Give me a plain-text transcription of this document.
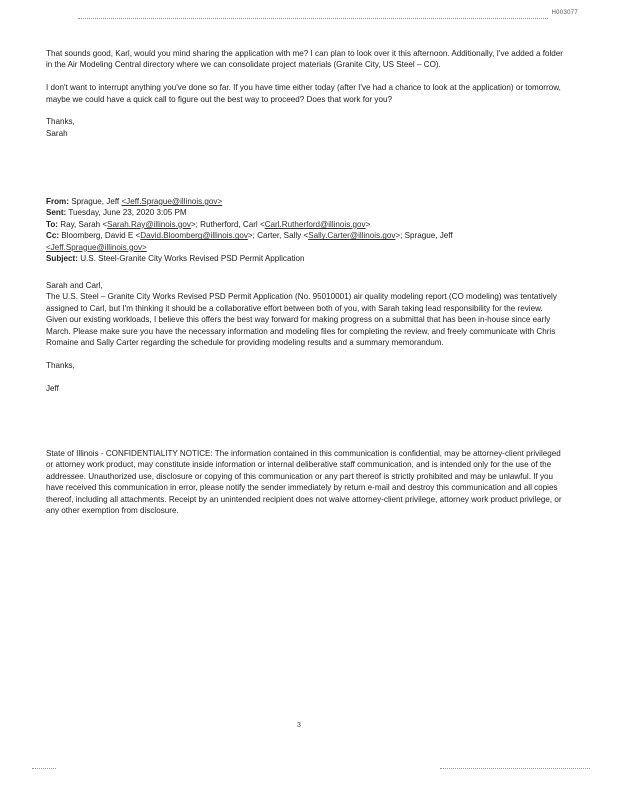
H003077

That sounds good, Karl, would you mind sharing the application with me? I can plan to look over it this afternoon. Additionally, I've added a folder in the Air Modeling Central directory where we can consolidate project materials (Granite City, US Steel – CO).

I don't want to interrupt anything you've done so far. If you have time either today (after I've had a chance to look at the application) or tomorrow, maybe we could have a quick call to figure out the best way to proceed? Does that work for you?

Thanks,

Sarah

From: Sprague, Jeff <Jeff.Sprague@illinois.gov>

Sent: Tuesday, June 23, 2020 3:05 PM

To: Ray, Sarah <Sarah.Ray@illinois.gov>; Rutherford, Carl <Carl.Rutherford@illinois.gov>

Cc: Bloomberg, David E <David.Bloomberg@illinois.gov>; Carter, Sally <Sally.Carter@illinois.gov>; Sprague, Jeff

<Jeff.Sprague@illinois.gov>

Subject: U.S. Steel-Granite City Works Revised PSD Permit Application

Sarah and Carl,

The U.S. Steel – Granite City Works Revised PSD Permit Application (No. 95010001) air quality modeling report (CO modeling) was tentatively assigned to Carl, but I'm thinking it should be a collaborative effort between both of you, with Sarah taking lead responsibility for the review. Given our existing workloads, I believe this offers the best way forward for making progress on a submittal that has been in-house since early March. Please make sure you have the necessary information and modeling files for completing the review, and freely communicate with Chris Romaine and Sally Carter regarding the schedule for providing modeling results and a summary memorandum.

Thanks,

Jeff

State of Illinois - CONFIDENTIALITY NOTICE: The information contained in this communication is confidential, may be attorney-client privileged or attorney work product, may constitute inside information or internal deliberative staff communication, and is intended only for the use of the addressee. Unauthorized use, disclosure or copying of this communication or any part thereof is strictly prohibited and may be unlawful. If you have received this communication in error, please notify the sender immediately by return e-mail and destroy this communication and all copies thereof, including all attachments. Receipt by an unintended recipient does not waive attorney-client privilege, attorney work product privilege, or any other exemption from disclosure.

3
